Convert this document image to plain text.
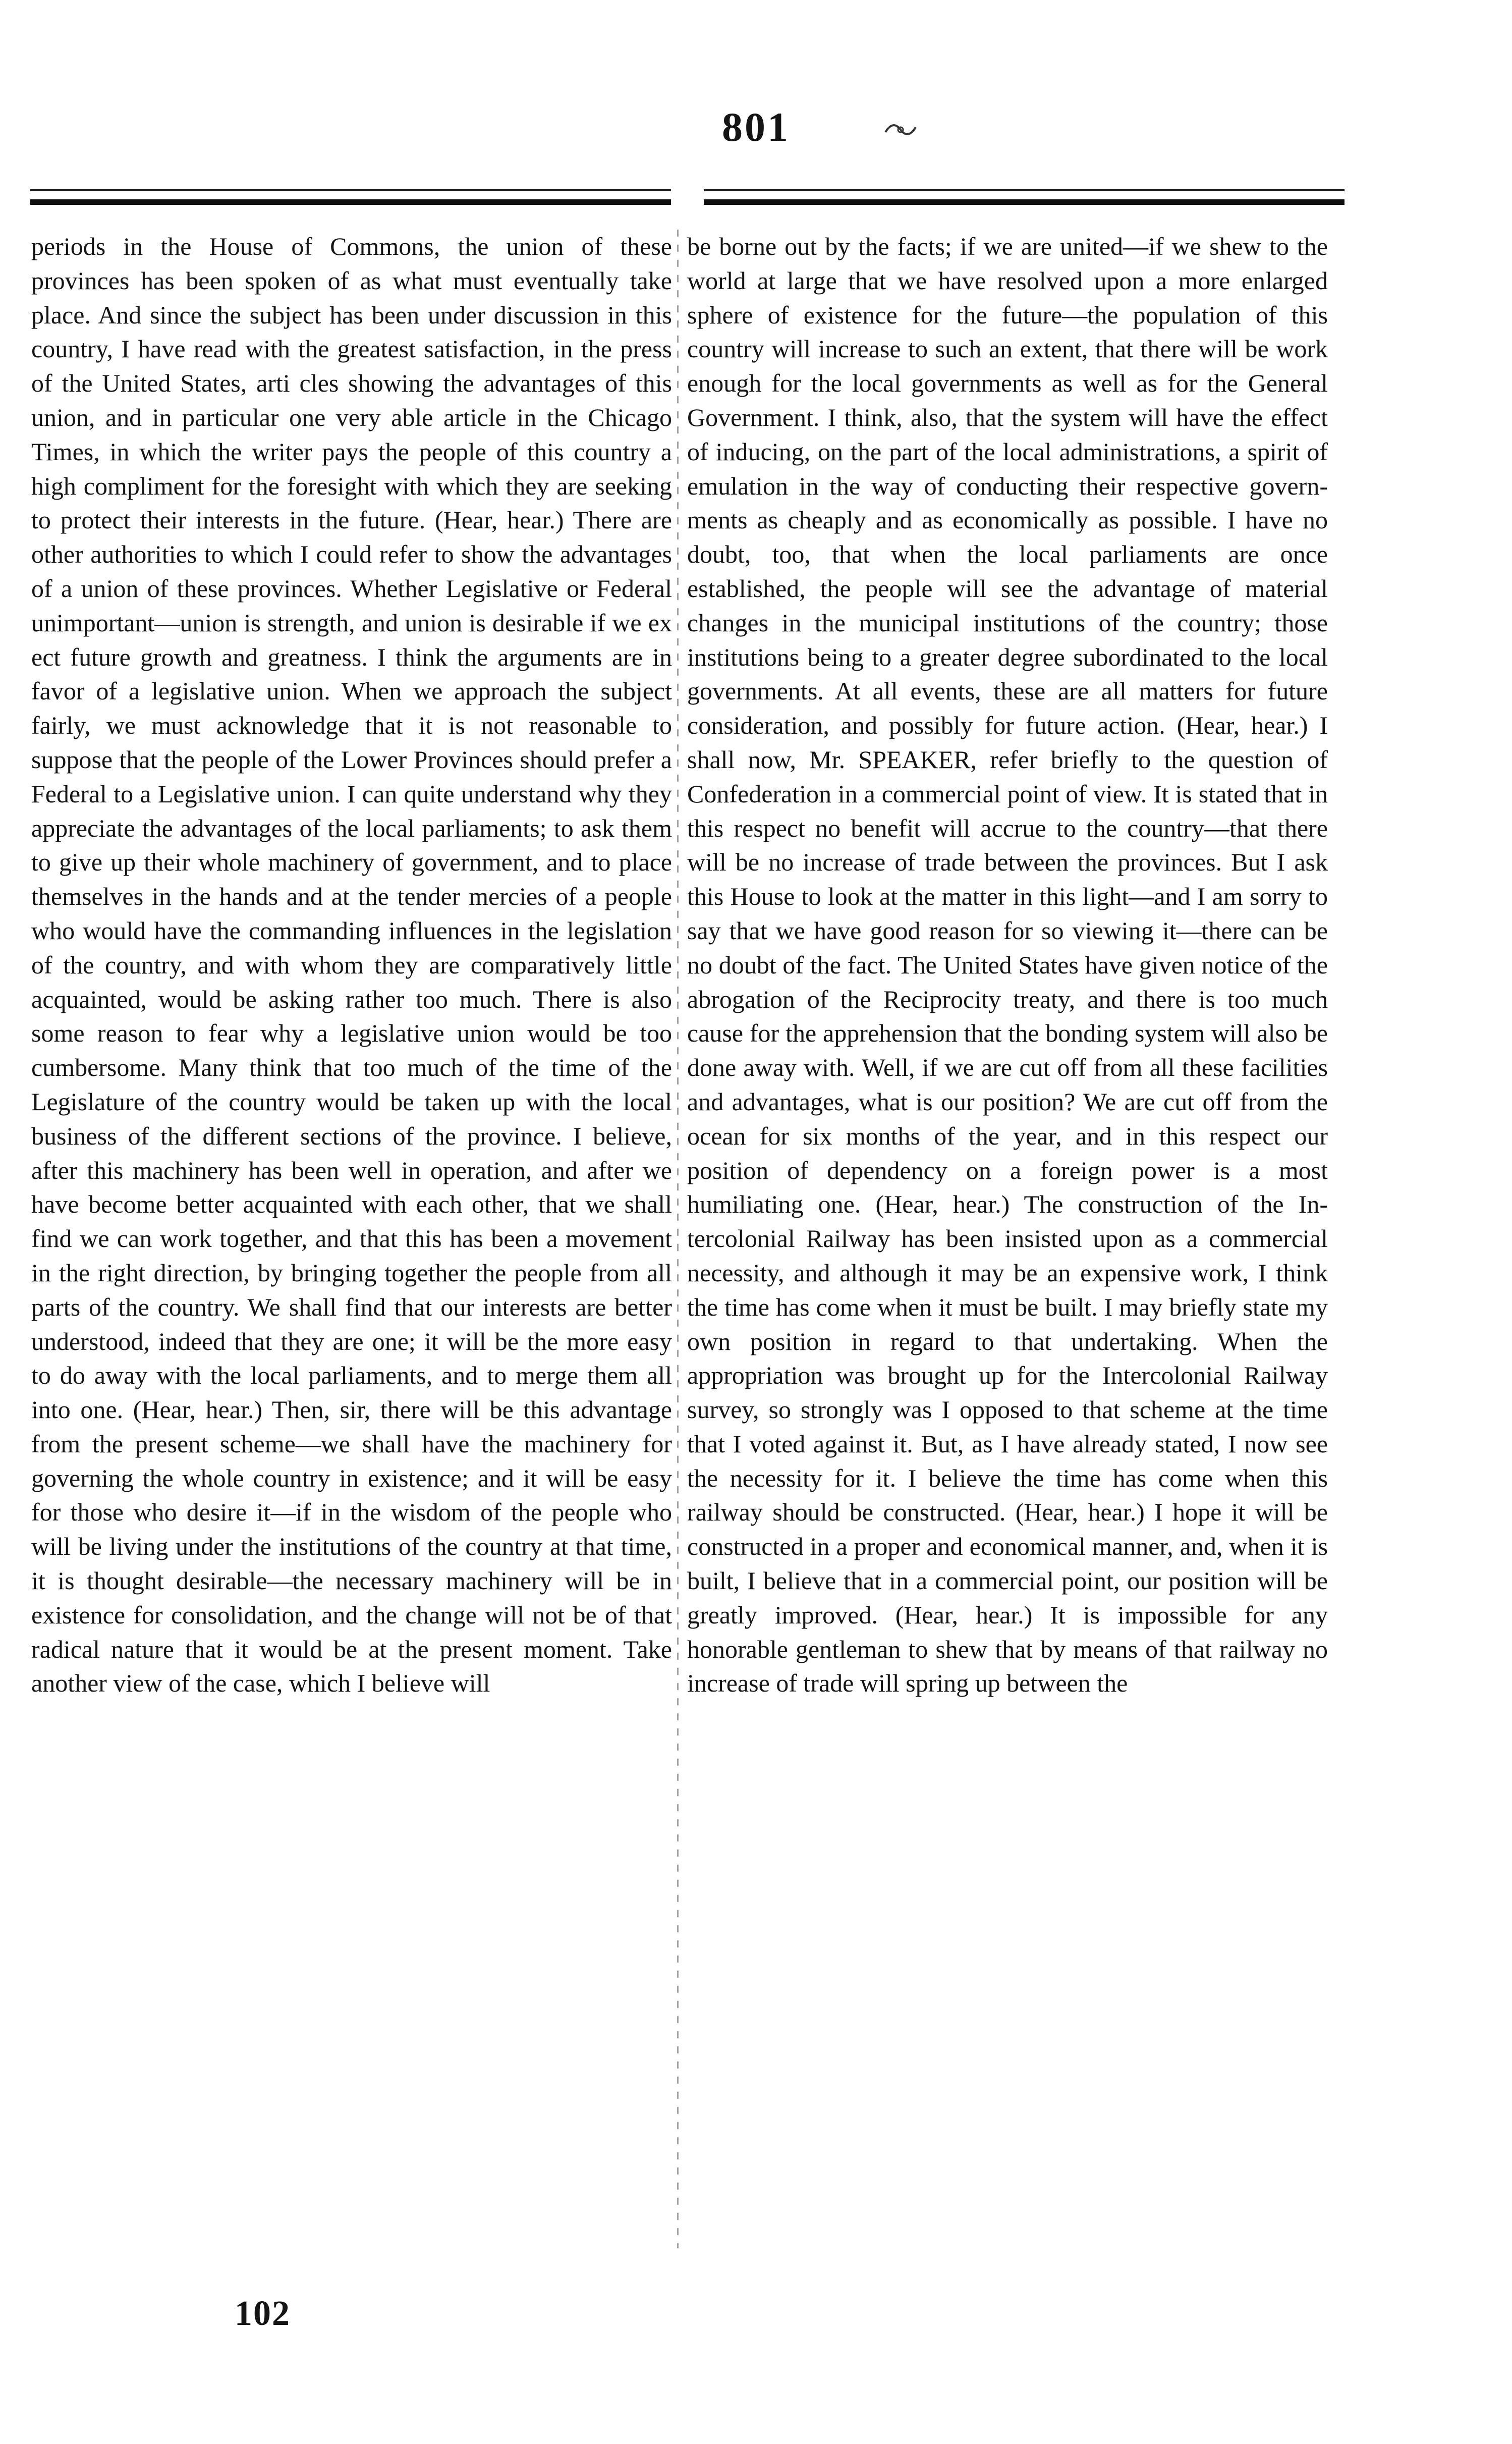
801

periods in the House of Commons, the union of these provinces has been spoken of as what must eventually take place. And since the subject has been under discussion in this country, I have read with the greatest satisfaction, in the press of the United States, arti cles showing the advantages of this union, and in particular one very able article in the Chicago Times, in which the writer pays the people of this country a high compliment for the foresight with which they are seeking to protect their interests in the future. (Hear, hear.) There are other authorities to which I could refer to show the advantages of a union of these provinces. Whether Legislative or Federal unimportant—union is strength, and union is desirable if we ex ect future growth and greatness. I think the arguments are in favor of a legislative union. When we approach the subject fairly, we must acknowledge that it is not reasonable to suppose that the people of the Lower Provinces should prefer a Federal to a Legislative union. I can quite understand why they appreciate the advantages of the local parliaments; to ask them to give up their whole machinery of government, and to place themselves in the hands and at the tender mercies of a people who would have the commanding influences in the legislation of the country, and with whom they are comparatively little acquainted, would be asking rather too much. There is also some reason to fear why a legislative union would be too cumbersome. Many think that too much of the time of the Legislature of the country would be taken up with the local business of the different sections of the province. I believe, after this machinery has been well in operation, and after we have become better acquainted with each other, that we shall find we can work together, and that this has been a movement in the right direction, by bringing together the people from all parts of the country. We shall find that our interests are better understood, indeed that they are one; it will be the more easy to do away with the local parliaments, and to merge them all into one. (Hear, hear.) Then, sir, there will be this advantage from the present scheme—we shall have the machinery for governing the whole country in existence; and it will be easy for those who desire it—if in the wisdom of the people who will be living under the institutions of the country at that time, it is thought desirable—the necessary machinery will be in existence for consolidation, and the change will not be of that radical nature that it would be at the present moment. Take another view of the case, which I believe will

be borne out by the facts; if we are united—if we shew to the world at large that we have resolved upon a more enlarged sphere of existence for the future—the population of this country will increase to such an extent, that there will be work enough for the local governments as well as for the General Government. I think, also, that the system will have the effect of inducing, on the part of the local administrations, a spirit of emulation in the way of conducting their respective governments as cheaply and as economically as possible. I have no doubt, too, that when the local parliaments are once established, the people will see the advantage of material changes in the municipal institutions of the country; those institutions being to a greater degree subordinated to the local governments. At all events, these are all matters for future consideration, and possibly for future action. (Hear, hear.) I shall now, Mr. SPEAKER, refer briefly to the question of Confederation in a commercial point of view. It is stated that in this respect no benefit will accrue to the country—that there will be no increase of trade between the provinces. But I ask this House to look at the matter in this light—and I am sorry to say that we have good reason for so viewing it—there can be no doubt of the fact. The United States have given notice of the abrogation of the Reciprocity treaty, and there is too much cause for the apprehension that the bonding system will also be done away with. Well, if we are cut off from all these facilities and advantages, what is our position? We are cut off from the ocean for six months of the year, and in this respect our position of dependency on a foreign power is a most humiliating one. (Hear, hear.) The construction of the Intercolonial Railway has been insisted upon as a commercial necessity, and although it may be an expensive work, I think the time has come when it must be built. I may briefly state my own position in regard to that undertaking. When the appropriation was brought up for the Intercolonial Railway survey, so strongly was I opposed to that scheme at the time that I voted against it. But, as I have already stated, I now see the necessity for it. I believe the time has come when this railway should be constructed. (Hear, hear.) I hope it will be constructed in a proper and economical manner, and, when it is built, I believe that in a commercial point, our position will be greatly improved. (Hear, hear.) It is impossible for any honorable gentleman to shew that by means of that railway no increase of trade will spring up between the

102
